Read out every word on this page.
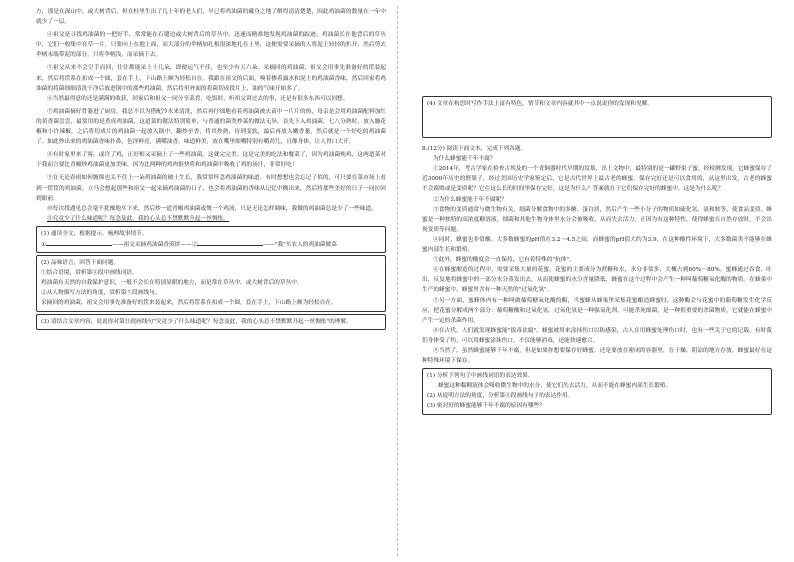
方，那是在深山中，或大树背后，但在柱里生出了几十年的老人们，早已将鸡油菌的藏身之地了解得清清楚楚，因此鸡油菌的数量在一年中就少了一层。

④祖父是寻找鸡油菌的一把好手，常常能在石缝边或大树背后的草丛中，迅速而精准地发现鸡油菌的踪迹。鸡油菌长在他背后的草丛中，它们一般集中在草一片，只要向上在地上面，而大部分的伞柄加扎根很深地扎在土里，这便需要采摘的人将泥土轻轻的扒开，然后剪去伞柄末端带泥的部分，只将伞柄浅，而采摘下去。

⑤祖父从来不会空手而回，往往都能采上十几朵，即便运气不佳，也至少有五六朵。采摘回的鸡油菌，祖父会用事先准备好的筐装起来，然后将筐系在扣成一个圆，套在手上，下山路上颇为轻松自在。我跟在祖父的后面，嗅着掺着露水和泥土的鸡油菌香味，然后回家将鸡油菌的将菌细细清洗干净后放进锅中的那些鸡油菌，然后将里外面的将菌切成段片上，油的气味开始多了。

⑥当然最得意的还是满满的收获，回家后和祖父一同分享菜肴，吃饭时，听祖父讲过去的事，还是有很多东西可以回想。

⑦鸡油菌摘好背篓进了厨房，我总不以为搭配冷水来清洗，然后再仔细地看着鸡油菌被火苗中一片片的热，母亲是会用鸡油菌配料加红的黄香菌尝尝，最常用的是煮成鸡油菌，这道菜的做法特别简单，与普通的菌类炒菜的做法无异，首先下入鸡油菌，七八分熟时，放入腌花椒和小许辣椒，之后将切成片的鸡油菌一起放入锅中，翻炒至香，将其炒熟，待到变软，最后再放入嫩香葱，然后就是一个好吃的鸡油菌了。如此炒出来的鸡油菌香味扑鼻，色泽鲜亮，满嘴油香，味道鲜美，放在嘴里细嚼特别有嚼劲儿，且像身体，让人胃口大开。

⑧有时家里来了客，或许了鸡，正好相又采摘上了一些鸡油菌，这就完完美。这是完美的吃法和餐菜了，因为鸡油菌炖鸡，这两道菜对于我而言要比青椒炒鸡油菌更加美味，因为比两种的鸡肉很快将和鸡油菌中吸收了鸡的汤汁，非常好吃！

⑨在无论春雨如何缠绵也关不住上一朵鸡油菌的破土生长，我常常怀念鸡油菌的味道。有时想想也会忘记了似的，可只要在菜市场上看到一筐筐的鸡油菌，立马会想起那些和祖父一起采摘鸡油菌的日子，也会将鸡油菌的香味从记忆中搬出来，然后将那些美好的日子一同拉回到眼前。

⑩每次找遇见总会毫不犹豫地买下来，然后炒一道青椒鸡油菌或煲一个鸡汤，只是无论怎样调味，我做的鸡油菌总是少了一些味道。

⑪究竟少了什么味道呢？每念及此，我的心头总不禁默默升起一丝惆怅。

(1) 通读全文，根据提示，梳理故事情节。

①	——祖父采摘鸡油菌香煎饼——②	——"我"买农人的鸡油菌做菜

(2) 品味语言，回答下面问题。

①结合语境，赏析第④段中画线词语。

鸡油菌有天然的自我保护意识，一般不会长在特别显眼的地方，而是常在草丛中，或大树背后的草丛中。

②从人物描写方法的角度，赏析第⑤段画线句。

采摘回的鸡油菌，祖父会用事先准备好的筐来装起来，然后将筐系在扣成一个圆，套在手上，下山路上颇为轻松自在。

(3) 请结合文章内容，说说你对第⑪段画线句"究竟少了什么味道呢？每念及此，我的心头总不禁默默升起一丝惆怅"的理解。

(4) 文章在构思时写作手法上富有特色，情节和文章内容就其中一点说说你的发现和见解。

8.(12分) 阅读下面文本，完成下列各题。

为什么蜂蜜能千年不腐？

①2014年，考古学家在检查古埃及的一个青铜器时代早期的坟墓，出土文物中，最特别的是一罐野果子蜜，经检测发现，它蜂蜜保存了近3000年历史的野果子，经过美国历史学家鉴定后，它是古代世界上最古老的蜂蜜。保存完好还是可以食用的，从这里出发，古老的蜂蜜不会腐败或是变质呢？它在这么长的时间里保存完好，这是为什么？答案就在于它们保存完好的蜂蜜中，这是为什么呢？

②为什么蜂蜜能千年不腐呢？

③食物的变质通常与微生物有关，细菌分解食物中的多糖、蛋白质，然后产生一些小分子的物质如硫化氢、氨和胺等，使食品变质。蜂蜜是一种独特的高浓度糖溶液，细菌和其他生物身体里水分会被吸收，从而失去活力。正因为有这种特性，使得蜂蜜在自然存放时，不会出现变质等问题。

④同时，蜂蜜也非常酸。大多数蜂蜜的pH值在3.2～4.5之间，而蜂蜜的pH值大约为3.9，在这种酸性环境下，大多数菌类不能够在蜂蜜内部生长和繁殖。

⑤此外，蜂蜜的酸度会一直保持，它有着特殊的"抗体"。

⑥在蜂蜜酿造的过程中，需要采集大量的花蜜，花蜜的主要成分为蔗糖和水，水分非常多，大概占到60%～80%。蜜蜂通过吞食、吐出，反复地将蜂蜜中的一部分水分蒸发出去，从而使蜂蜜的水分含量降低，蜂蜜在这个过程中会产生一种叫葡萄糖氧化酶的物质。在蜂巢中生产的蜂蜜中，蜂蜜里含有一种天然的"过氧化氢"。

⑦另一方面，蜜蜂体内有一种叫做葡萄糖氧化酶的酶，当蜜蜂从蜂巢里采集花蜜酿造蜂蜜时，这种酶会与花蜜中的葡萄糖发生化学反应，把花蜜分解成两个部分：葡萄糖酸和过氧化氢，过氧化氢是一种强氧化剂，可能杀死细菌，是一种很重要的杀菌物质，它就能在蜂蜜中产生一定的杀菌作用。

⑧在古代，人们就发现蜂蜜能"拔毒祛腐"，蜂蜜被用来涂抹伤口以防感染，古人在用蜂蜜处理伤口时，也有一些关于它的记载。有时我们身体受了伤，可以用蜂蜜涂抹伤口，不仅能够消毒，还能快速愈合。

⑨当然了，虽然蜂蜜能够千年不腐，但是如果你想要保存好蜂蜜，还是要放在密闭的容器里，在干燥、阴凉的地方存放。蜂蜜最好在这种特殊环境下保存。

(1) 分析下列句子中画线词语的表达效果。

蜂蜜这种黏稠液体会吸收微生物中的水分，使它们失去活力，从而不能在蜂蜜内部生长繁殖。

(2) 从说明方法的角度，分析第⑥段画线句子的表达作用。

(3) 密封好的蜂蜜能够千年不腐的原因有哪些？
